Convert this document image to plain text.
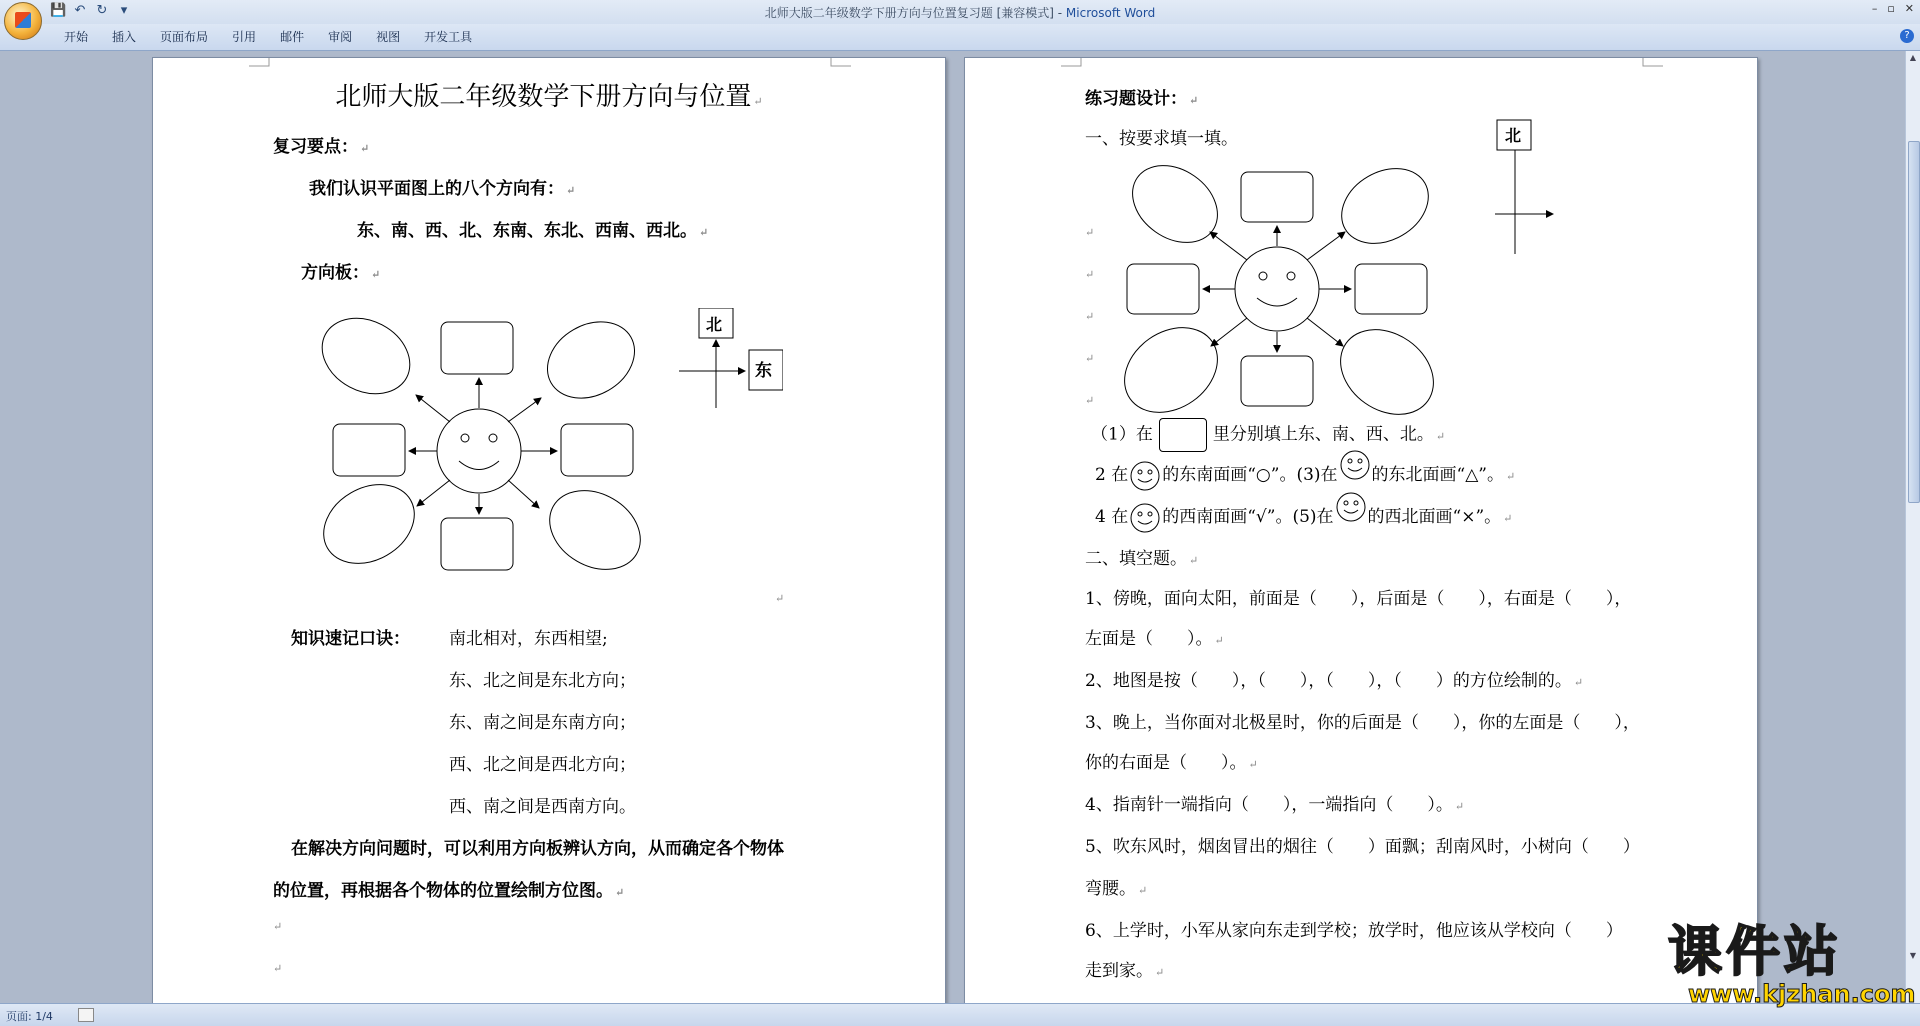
💾 ↶ ↻	▾	北师大版二年级数学下册方向与位置复习题 [兼容模式] - Microsoft Word	– ▫ ✕
开始	插入	页面布局	引用	邮件	审阅	视图	开发工具	?
北师大版二年级数学下册方向与位置 ↵
复习要点： ↵
我们认识平面图上的八个方向有： ↵
东、南、西、北、东南、东北、西南、西北。 ↵
方向板： ↵
北
东
↵
知识速记口诀： 南北相对，东西相望;
东、北之间是东北方向；
东、南之间是东南方向；
西、北之间是西北方向；
西、南之间是西南方向。
在解决方向问题时，可以利用方向板辨认方向，从而确定各个物体
的位置，再根据各个物体的位置绘制方位图。 ↵
↵
↵
练习题设计： ↵
一、按要求填一填。
↵
↵
↵
↵
↵
北
（1）在	里分别填上东、南、西、北。 ↵
2 在 的东南面画“○”。(3)在 的东北面画“△”。 ↵
4 在 的西南面画“√”。(5)在 的西北面画“×”。 ↵
二、填空题。 ↵
1、傍晚，面向太阳，前面是（　　），后面是（　　），右面是（　　），
左面是（　　）。 ↵
2、地图是按（　　），（　　），（　　），（　　）的方位绘制的。 ↵
3、晚上，当你面对北极星时，你的后面是（　　），你的左面是（　　），
你的右面是（　　）。 ↵
4、指南针一端指向（　　），一端指向（　　）。 ↵
5、吹东风时，烟囱冒出的烟往（　　）面飘；刮南风时，小树向（　　）
弯腰。 ↵
6、上学时，小军从家向东走到学校；放学时，他应该从学校向（　　）
走到家。 ↵
▲
▼
页面: 1/4
课件站
www.kjzhan.com
